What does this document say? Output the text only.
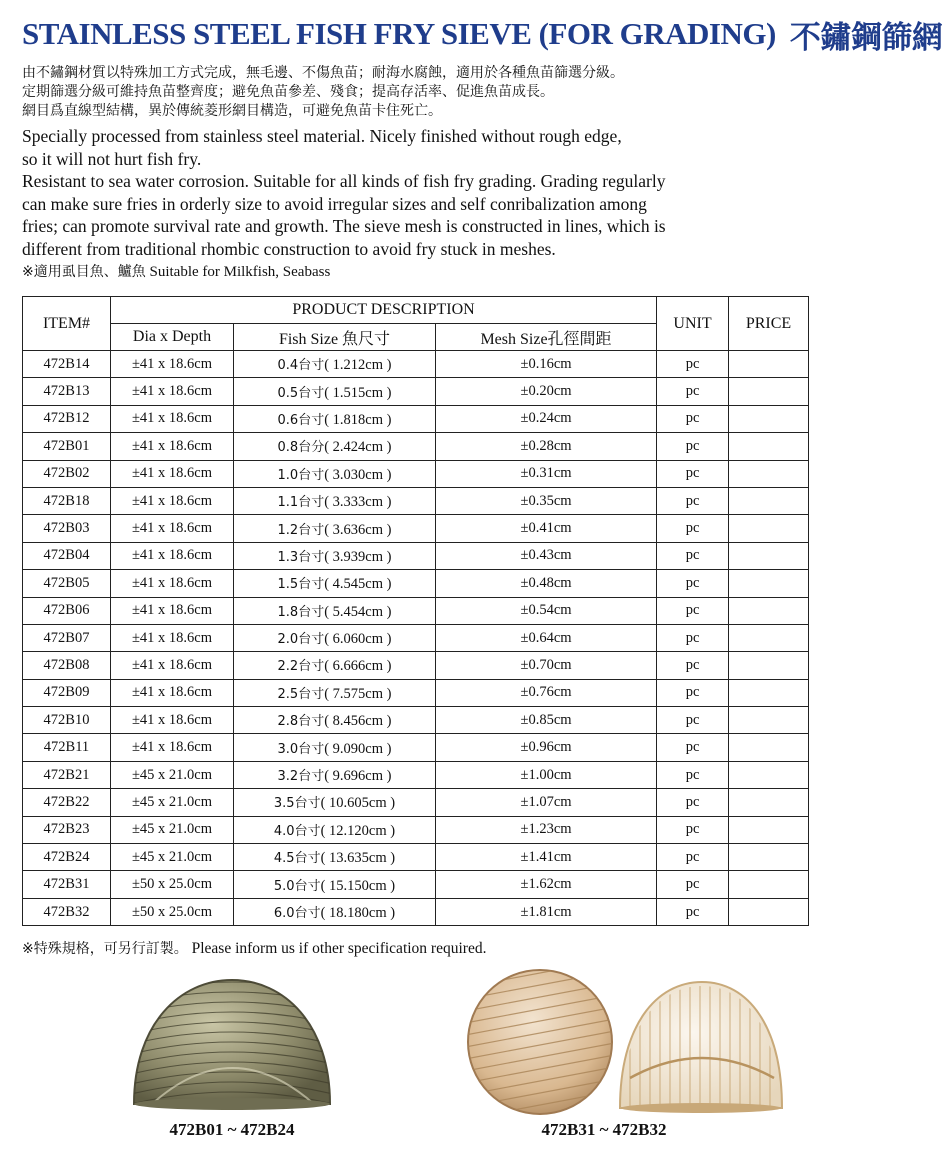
STAINLESS STEEL FISH FRY SIEVE (FOR GRADING) 不鏽鋼篩網
由不鏽鋼材質以特殊加工方式完成，無毛邊、不傷魚苗；耐海水腐蝕，適用於各種魚苗篩選分級。
定期篩選分級可維持魚苗整齊度；避免魚苗參差、殘食；提高存活率、促進魚苗成長。
網目爲直線型結構，異於傳統菱形網目構造，可避免魚苗卡住死亡。
Specially processed from stainless steel material. Nicely finished without rough edge,
so it will not hurt fish fry.
Resistant to sea water corrosion. Suitable for all kinds of fish fry grading. Grading regularly
can make sure fries in orderly size to avoid irregular sizes and self conribalization among
fries; can promote survival rate and growth. The sieve mesh is constructed in lines, which is
different from traditional rhombic construction to avoid fry stuck in meshes.
※適用虱目魚、鱸魚 Suitable for Milkfish, Seabass
ITEM#	PRODUCT DESCRIPTION			UNIT	PRICE
	Dia x Depth	Fish Size 魚尺寸	Mesh Size孔徑間距		
472B14	±41 x 18.6cm	0.4台寸( 1.212cm )	±0.16cm	pc	
472B13	±41 x 18.6cm	0.5台寸( 1.515cm )	±0.20cm	pc	
472B12	±41 x 18.6cm	0.6台寸( 1.818cm )	±0.24cm	pc	
472B01	±41 x 18.6cm	0.8台分( 2.424cm )	±0.28cm	pc	
472B02	±41 x 18.6cm	1.0台寸( 3.030cm )	±0.31cm	pc	
472B18	±41 x 18.6cm	1.1台寸( 3.333cm )	±0.35cm	pc	
472B03	±41 x 18.6cm	1.2台寸( 3.636cm )	±0.41cm	pc	
472B04	±41 x 18.6cm	1.3台寸( 3.939cm )	±0.43cm	pc	
472B05	±41 x 18.6cm	1.5台寸( 4.545cm )	±0.48cm	pc	
472B06	±41 x 18.6cm	1.8台寸( 5.454cm )	±0.54cm	pc	
472B07	±41 x 18.6cm	2.0台寸( 6.060cm )	±0.64cm	pc	
472B08	±41 x 18.6cm	2.2台寸( 6.666cm )	±0.70cm	pc	
472B09	±41 x 18.6cm	2.5台寸( 7.575cm )	±0.76cm	pc	
472B10	±41 x 18.6cm	2.8台寸( 8.456cm )	±0.85cm	pc	
472B11	±41 x 18.6cm	3.0台寸( 9.090cm )	±0.96cm	pc	
472B21	±45 x 21.0cm	3.2台寸( 9.696cm )	±1.00cm	pc	
472B22	±45 x 21.0cm	3.5台寸( 10.605cm )	±1.07cm	pc	
472B23	±45 x 21.0cm	4.0台寸( 12.120cm )	±1.23cm	pc	
472B24	±45 x 21.0cm	4.5台寸( 13.635cm )	±1.41cm	pc	
472B31	±50 x 25.0cm	5.0台寸( 15.150cm )	±1.62cm	pc	
472B32	±50 x 25.0cm	6.0台寸( 18.180cm )	±1.81cm	pc	
※特殊規格，可另行訂製。 Please inform us if other specification required.
472B01 ~ 472B24	472B31 ~ 472B32
